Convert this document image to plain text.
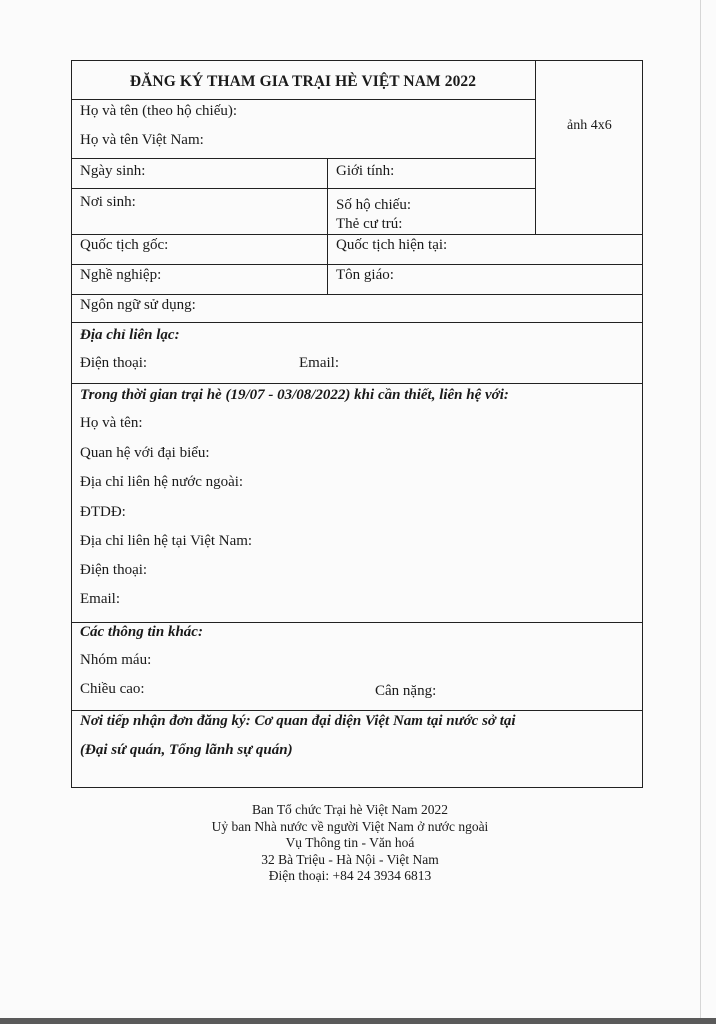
ĐĂNG KÝ THAM GIA TRẠI HÈ VIỆT NAM 2022
ảnh 4x6
Họ và tên (theo hộ chiếu):
Họ và tên Việt Nam:
Ngày sinh:	Giới tính:
Nơi sinh:	Số hộ chiếu:
Thẻ cư trú:
Quốc tịch gốc:	Quốc tịch hiện tại:
Nghề nghiệp:	Tôn giáo:
Ngôn ngữ sử dụng:
Địa chỉ liên lạc:
Điện thoại:	Email:
Trong thời gian trại hè (19/07 - 03/08/2022) khi cần thiết, liên hệ với:
Họ và tên:
Quan hệ với đại biểu:
Địa chỉ liên hệ nước ngoài:
ĐTDĐ:
Địa chỉ liên hệ tại Việt Nam:
Điện thoại:
Email:
Các thông tin khác:
Nhóm máu:
Chiều cao:	Cân nặng:
Nơi tiếp nhận đơn đăng ký: Cơ quan đại diện Việt Nam tại nước sở tại
(Đại sứ quán, Tổng lãnh sự quán)
Ban Tổ chức Trại hè Việt Nam 2022
Uỷ ban Nhà nước về người Việt Nam ở nước ngoài
Vụ Thông tin - Văn hoá
32 Bà Triệu - Hà Nội - Việt Nam
Điện thoại: +84 24 3934 6813
